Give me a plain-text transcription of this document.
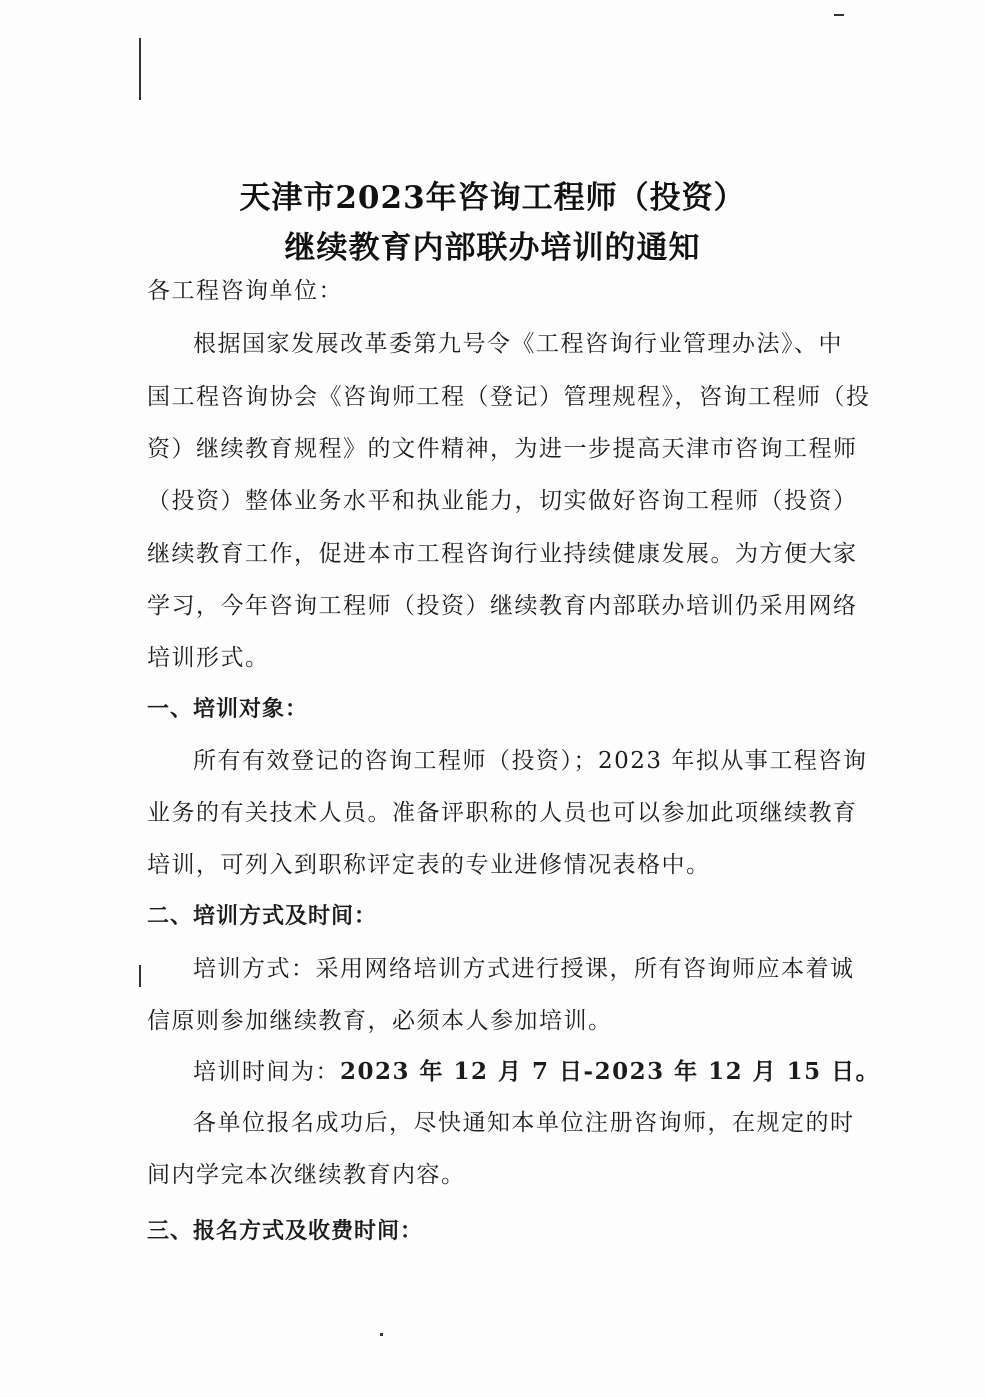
天津市2023年咨询工程师（投资）
继续教育内部联办培训的通知
各工程咨询单位：
根据国家发展改革委第九号令《工程咨询行业管理办法》、中
国工程咨询协会《咨询师工程（登记）管理规程》，咨询工程师（投
资）继续教育规程》的文件精神，为进一步提高天津市咨询工程师
（投资）整体业务水平和执业能力，切实做好咨询工程师（投资）
继续教育工作，促进本市工程咨询行业持续健康发展。为方便大家
学习，今年咨询工程师（投资）继续教育内部联办培训仍采用网络
培训形式。
一、培训对象：
所有有效登记的咨询工程师（投资）；2023 年拟从事工程咨询
业务的有关技术人员。准备评职称的人员也可以参加此项继续教育
培训，可列入到职称评定表的专业进修情况表格中。
二、培训方式及时间：
培训方式：采用网络培训方式进行授课，所有咨询师应本着诚
信原则参加继续教育，必须本人参加培训。
培训时间为：2023 年 12 月 7 日-2023 年 12 月 15 日。
各单位报名成功后，尽快通知本单位注册咨询师，在规定的时
间内学完本次继续教育内容。
三、报名方式及收费时间：
